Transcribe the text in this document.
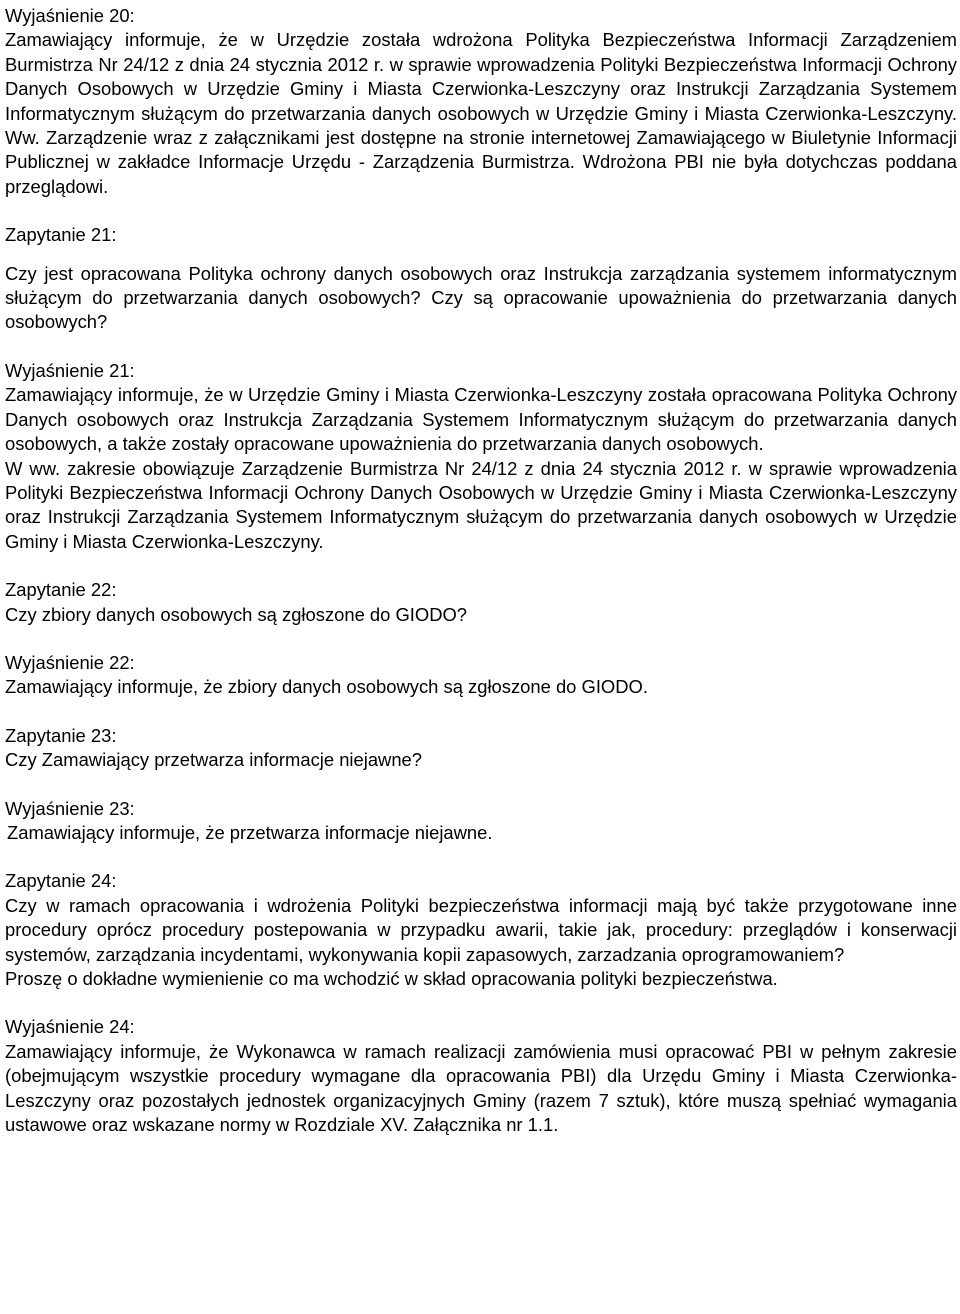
Wyjaśnienie 20:

Zamawiający informuje, że w Urzędzie została wdrożona Polityka Bezpieczeństwa Informacji Zarządzeniem Burmistrza Nr 24/12 z dnia 24 stycznia 2012 r. w sprawie wprowadzenia Polityki Bezpieczeństwa Informacji Ochrony Danych Osobowych w Urzędzie Gminy i Miasta Czerwionka-Leszczyny oraz Instrukcji Zarządzania Systemem Informatycznym służącym do przetwarzania danych osobowych w Urzędzie Gminy i Miasta Czerwionka-Leszczyny. Ww. Zarządzenie wraz z załącznikami jest dostępne na stronie internetowej Zamawiającego w Biuletynie Informacji Publicznej w zakładce Informacje Urzędu - Zarządzenia Burmistrza. Wdrożona PBI nie była dotychczas poddana przeglądowi.

Zapytanie 21:

Czy jest opracowana Polityka ochrony danych osobowych oraz Instrukcja zarządzania systemem informatycznym służącym do przetwarzania danych osobowych? Czy są opracowanie upoważnienia do przetwarzania danych osobowych?

Wyjaśnienie 21:

Zamawiający informuje, że w Urzędzie Gminy i Miasta Czerwionka-Leszczyny została opracowana Polityka Ochrony Danych osobowych oraz Instrukcja Zarządzania Systemem Informatycznym służącym do przetwarzania danych osobowych, a także zostały opracowane upoważnienia do przetwarzania danych osobowych.

W ww. zakresie obowiązuje Zarządzenie Burmistrza Nr 24/12 z dnia 24 stycznia 2012 r. w sprawie wprowadzenia Polityki Bezpieczeństwa Informacji Ochrony Danych Osobowych w Urzędzie Gminy i Miasta Czerwionka-Leszczyny oraz Instrukcji Zarządzania Systemem Informatycznym służącym do przetwarzania danych osobowych w Urzędzie Gminy i Miasta Czerwionka-Leszczyny.

Zapytanie 22:

Czy zbiory danych osobowych są zgłoszone do GIODO?

Wyjaśnienie 22:

Zamawiający informuje, że zbiory danych osobowych są zgłoszone do GIODO.

Zapytanie 23:

Czy Zamawiający przetwarza informacje niejawne?

Wyjaśnienie 23:

Zamawiający informuje, że przetwarza informacje niejawne.

Zapytanie 24:

Czy w ramach opracowania i wdrożenia Polityki bezpieczeństwa informacji mają być także przygotowane inne procedury oprócz procedury postepowania w przypadku awarii, takie jak, procedury: przeglądów i konserwacji systemów, zarządzania incydentami, wykonywania kopii zapasowych, zarzadzania oprogramowaniem?

Proszę o dokładne wymienienie co ma wchodzić w skład opracowania polityki bezpieczeństwa.

Wyjaśnienie 24:

Zamawiający informuje, że Wykonawca w ramach realizacji zamówienia musi opracować PBI w pełnym zakresie (obejmującym wszystkie procedury wymagane dla opracowania PBI) dla Urzędu Gminy i Miasta Czerwionka-Leszczyny oraz pozostałych jednostek organizacyjnych Gminy (razem 7 sztuk), które muszą spełniać wymagania ustawowe oraz wskazane normy w Rozdziale XV. Załącznika nr 1.1.
